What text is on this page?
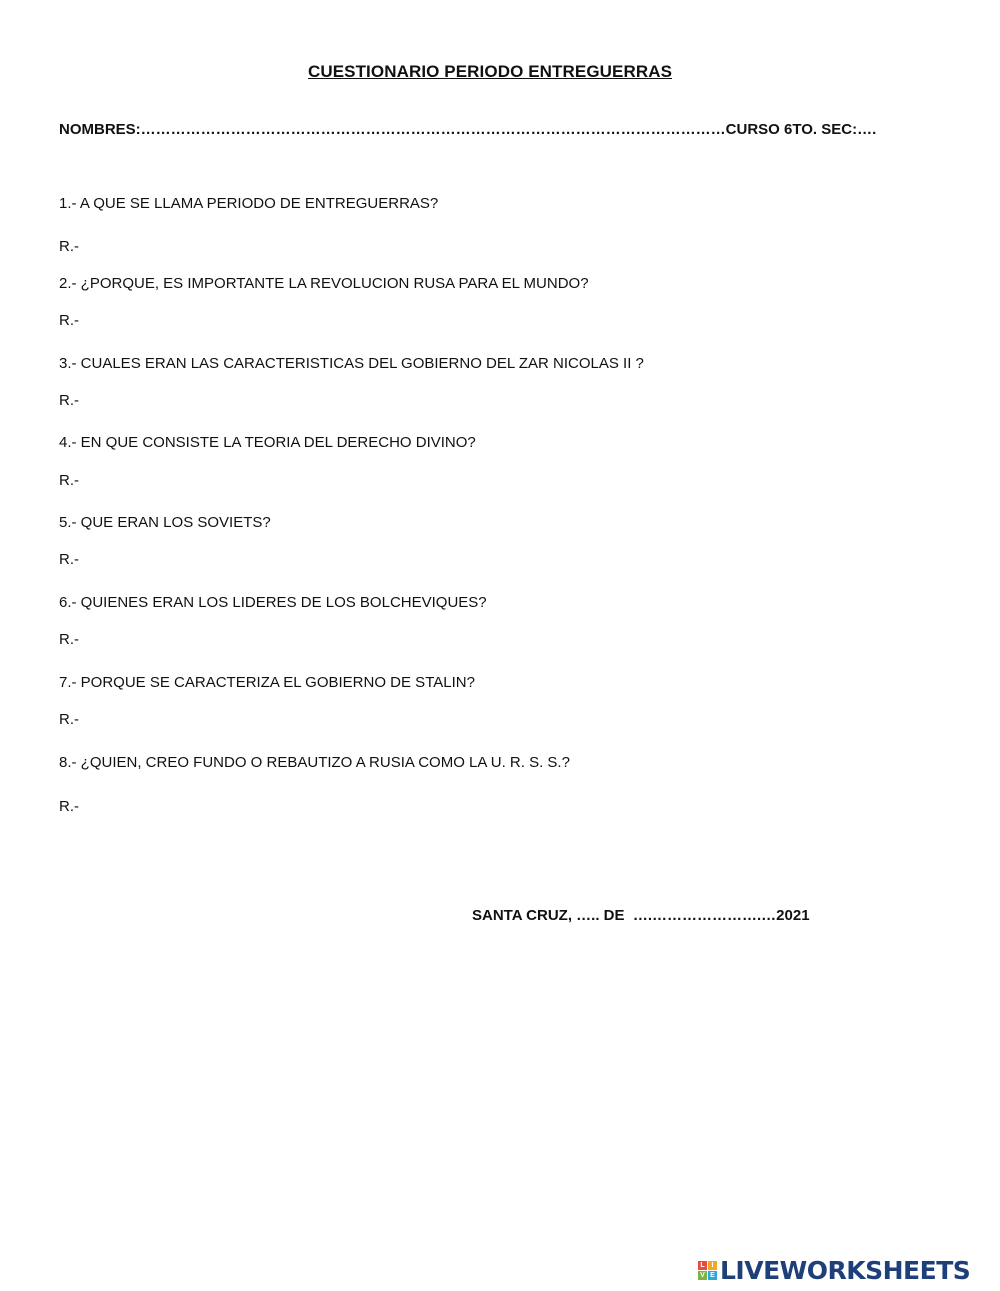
CUESTIONARIO PERIODO ENTREGUERRAS
NOMBRES:………………………………………………………………………………………………………CURSO 6TO. SEC:….
1.- A QUE SE LLAMA PERIODO DE ENTREGUERRAS?
R.-
2.- ¿PORQUE, ES IMPORTANTE LA REVOLUCION RUSA PARA EL MUNDO?
R.-
3.- CUALES ERAN LAS CARACTERISTICAS DEL GOBIERNO DEL ZAR NICOLAS II ?
R.-
4.- EN QUE CONSISTE LA TEORIA DEL DERECHO DIVINO?
R.-
5.- QUE ERAN LOS SOVIETS?
R.-
6.- QUIENES ERAN LOS LIDERES DE LOS BOLCHEVIQUES?
R.-
7.- PORQUE SE CARACTERIZA EL GOBIERNO DE STALIN?
R.-
8.- ¿QUIEN, CREO FUNDO O REBAUTIZO A RUSIA COMO LA U. R. S. S.?
R.-
SANTA CRUZ, ….. DE  ….………………….…2021
L I
V E LIVEWORKSHEETS
